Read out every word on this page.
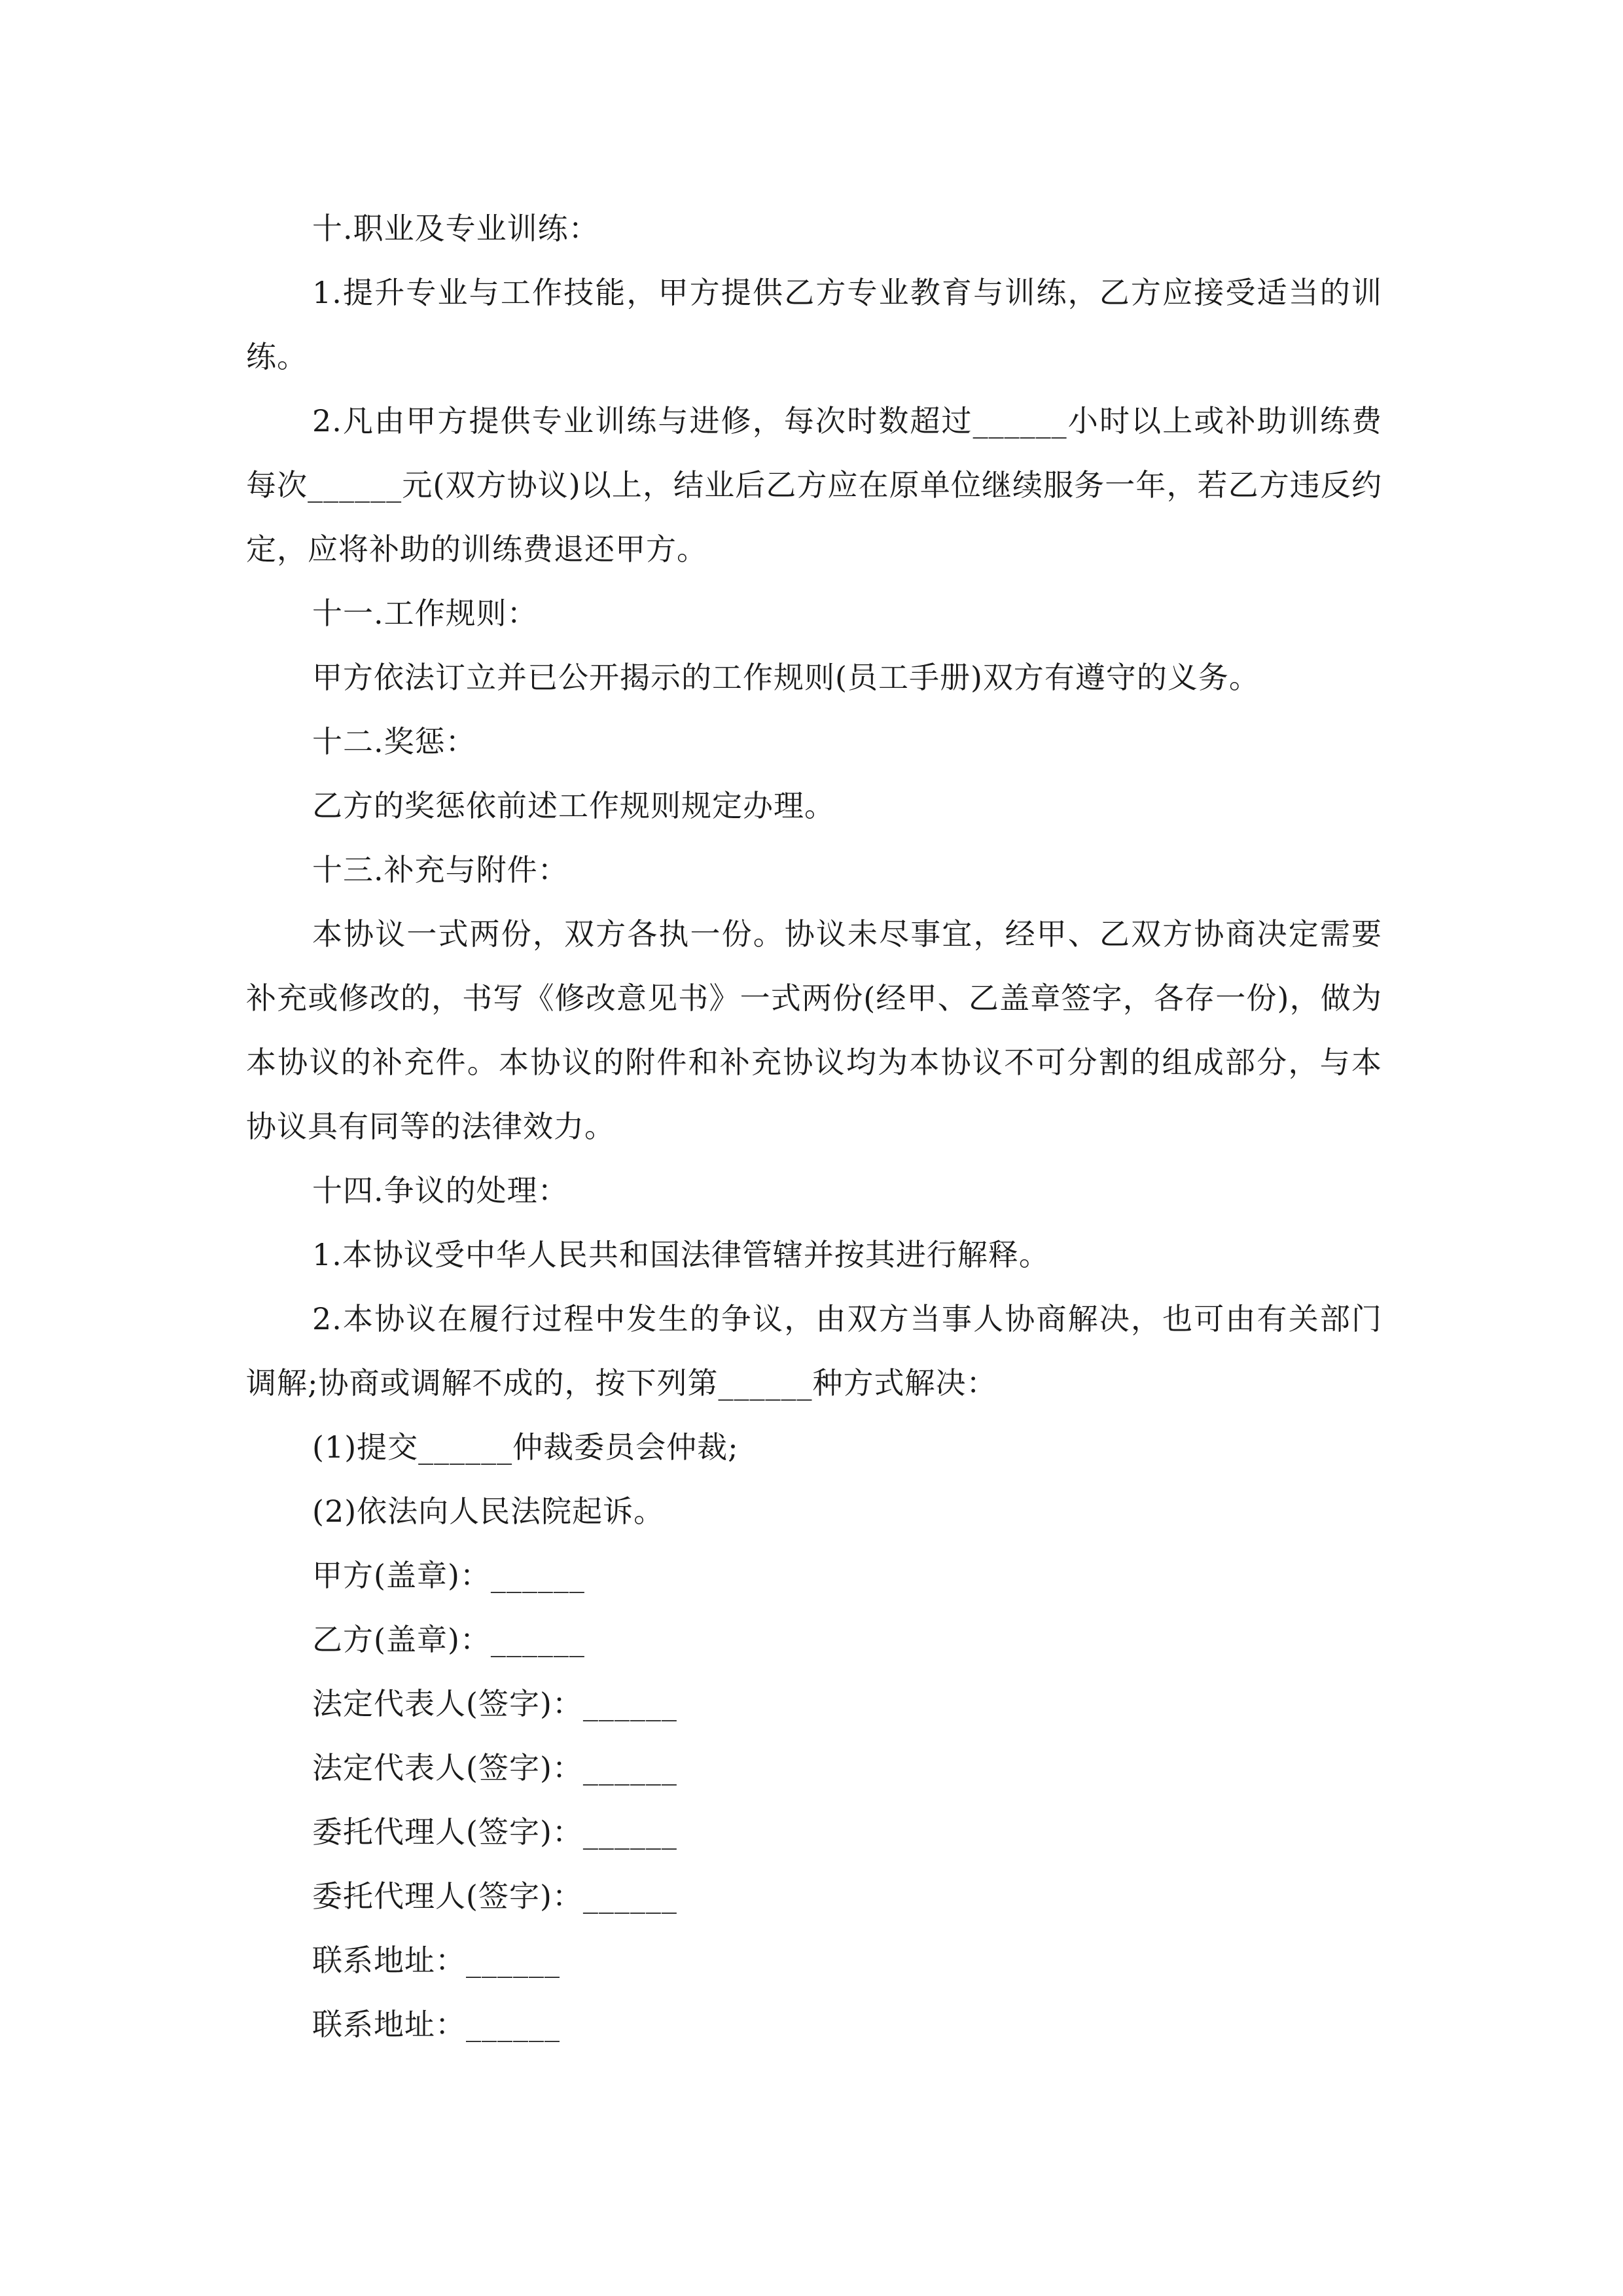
十.职业及专业训练：

1.提升专业与工作技能，甲方提供乙方专业教育与训练，乙方应接受适当的训练。

2.凡由甲方提供专业训练与进修，每次时数超过______小时以上或补助训练费每次______元(双方协议)以上，结业后乙方应在原单位继续服务一年，若乙方违反约定，应将补助的训练费退还甲方。

十一.工作规则：

甲方依法订立并已公开揭示的工作规则(员工手册)双方有遵守的义务。

十二.奖惩：

乙方的奖惩依前述工作规则规定办理。

十三.补充与附件：

本协议一式两份，双方各执一份。协议未尽事宜，经甲、乙双方协商决定需要补充或修改的，书写《修改意见书》一式两份(经甲、乙盖章签字，各存一份)，做为本协议的补充件。本协议的附件和补充协议均为本协议不可分割的组成部分，与本协议具有同等的法律效力。

十四.争议的处理：

1.本协议受中华人民共和国法律管辖并按其进行解释。

2.本协议在履行过程中发生的争议，由双方当事人协商解决，也可由有关部门调解;协商或调解不成的，按下列第______种方式解决：

(1)提交______仲裁委员会仲裁;

(2)依法向人民法院起诉。

甲方(盖章)：______

乙方(盖章)：______

法定代表人(签字)：______

法定代表人(签字)：______

委托代理人(签字)：______

委托代理人(签字)：______

联系地址：______

联系地址：______
